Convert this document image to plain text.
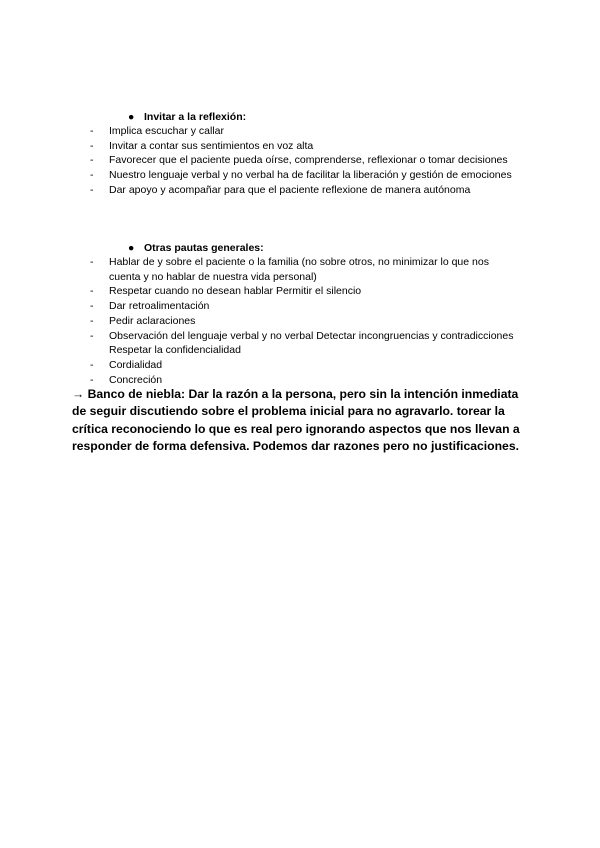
● Invitar a la reflexión:
- Implica escuchar y callar
- Invitar a contar sus sentimientos en voz alta
- Favorecer que el paciente pueda oírse, comprenderse, reflexionar o tomar decisiones
- Nuestro lenguaje verbal y no verbal ha de facilitar la liberación y gestión de emociones
- Dar apoyo y acompañar para que el paciente reflexione de manera autónoma
● Otras pautas generales:
- Hablar de y sobre el paciente o la familia (no sobre otros, no minimizar lo que nos cuenta y no hablar de nuestra vida personal)
- Respetar cuando no desean hablar Permitir el silencio
- Dar retroalimentación
- Pedir aclaraciones
- Observación del lenguaje verbal y no verbal Detectar incongruencias y contradicciones Respetar la confidencialidad
- Cordialidad
- Concreción

→ Banco de niebla: Dar la razón a la persona, pero sin la intención inmediata de seguir discutiendo sobre el problema inicial para no agravarlo. torear la crítica reconociendo lo que es real pero ignorando aspectos que nos llevan a responder de forma defensiva. Podemos dar razones pero no justificaciones.
